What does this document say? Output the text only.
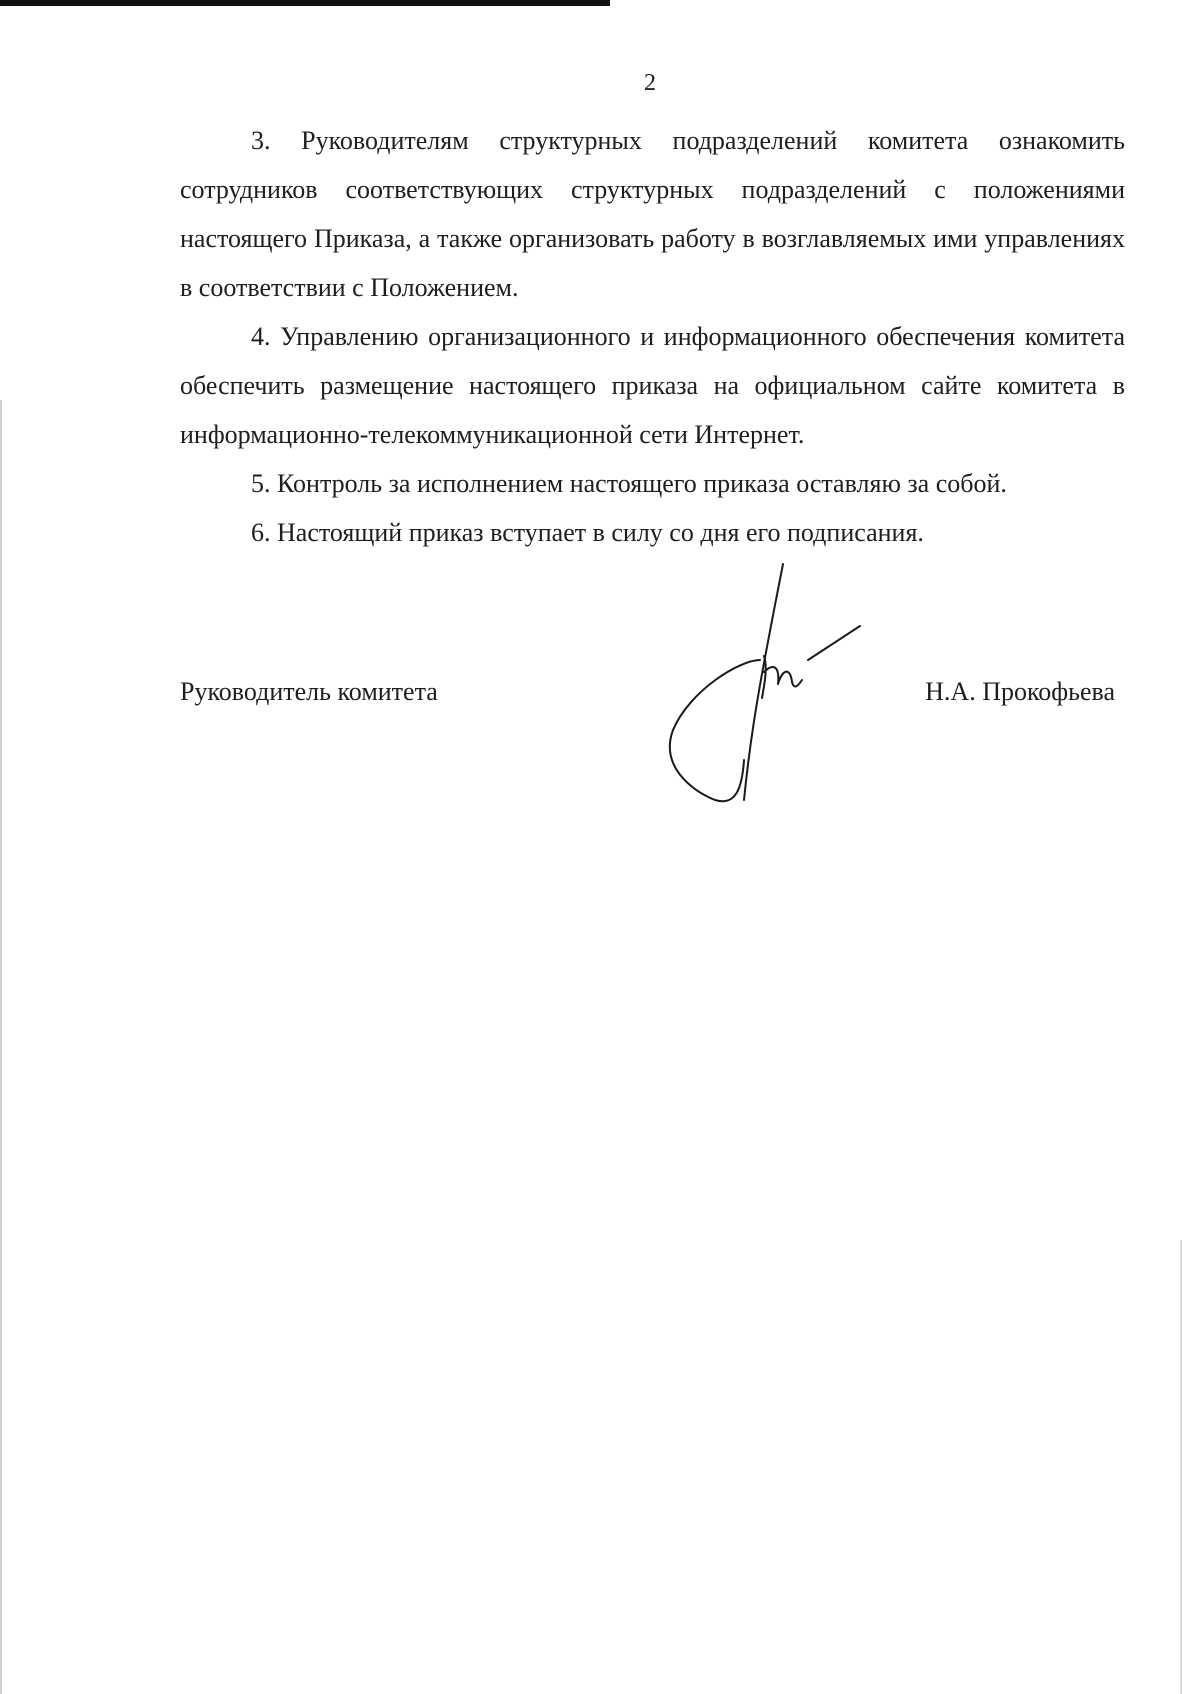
2

3. Руководителям структурных подразделений комитета ознакомить сотрудников соответствующих структурных подразделений с положениями настоящего Приказа, а также организовать работу в возглавляемых ими управлениях в соответствии с Положением.

4. Управлению организационного и информационного обеспечения комитета обеспечить размещение настоящего приказа на официальном сайте комитета в информационно-телекоммуникационной сети Интернет.

5. Контроль за исполнением настоящего приказа оставляю за собой.

6. Настоящий приказ вступает в силу со дня его подписания.

Руководитель комитета	Н.А. Прокофьева
